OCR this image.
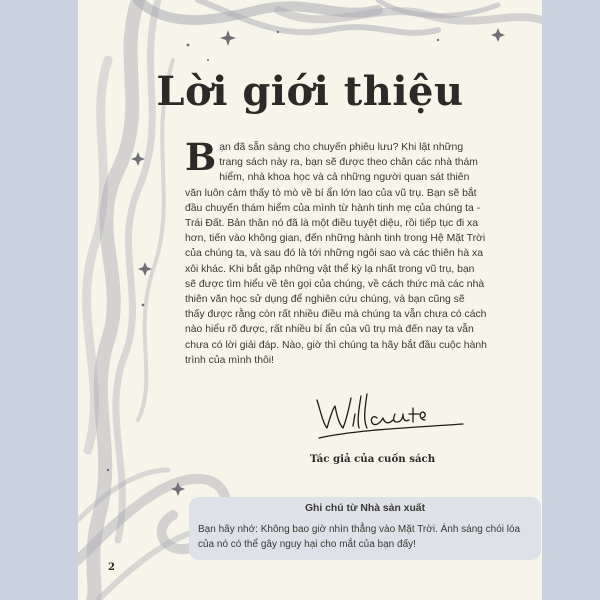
Lời giới thiệu
Bạn đã sẵn sàng cho chuyến phiêu lưu? Khi lật những trang sách này ra, bạn sẽ được theo chân các nhà thám hiểm, nhà khoa học và cả những người quan sát thiên văn luôn cảm thấy tò mò về bí ẩn lớn lao của vũ trụ. Bạn sẽ bắt đầu chuyến thám hiểm của mình từ hành tinh mẹ của chúng ta - Trái Đất. Bản thân nó đã là một điều tuyệt diệu, rồi tiếp tục đi xa hơn, tiến vào không gian, đến những hành tinh trong Hệ Mặt Trời của chúng ta, và sau đó là tới những ngôi sao và các thiên hà xa xôi khác. Khi bắt gặp những vật thể kỳ lạ nhất trong vũ trụ, bạn sẽ được tìm hiểu về tên gọi của chúng, về cách thức mà các nhà thiên văn học sử dụng để nghiên cứu chúng, và bạn cũng sẽ thấy được rằng còn rất nhiều điều mà chúng ta vẫn chưa có cách nào hiểu rõ được, rất nhiều bí ẩn của vũ trụ mà đến nay ta vẫn chưa có lời giải đáp. Nào, giờ thì chúng ta hãy bắt đầu cuộc hành trình của mình thôi!
Tác giả của cuốn sách
Ghi chú từ Nhà sản xuất
Bạn hãy nhớ: Không bao giờ nhìn thẳng vào Mặt Trời. Ánh sáng chói lóa của nó có thể gây nguy hại cho mắt của bạn đấy!
2
